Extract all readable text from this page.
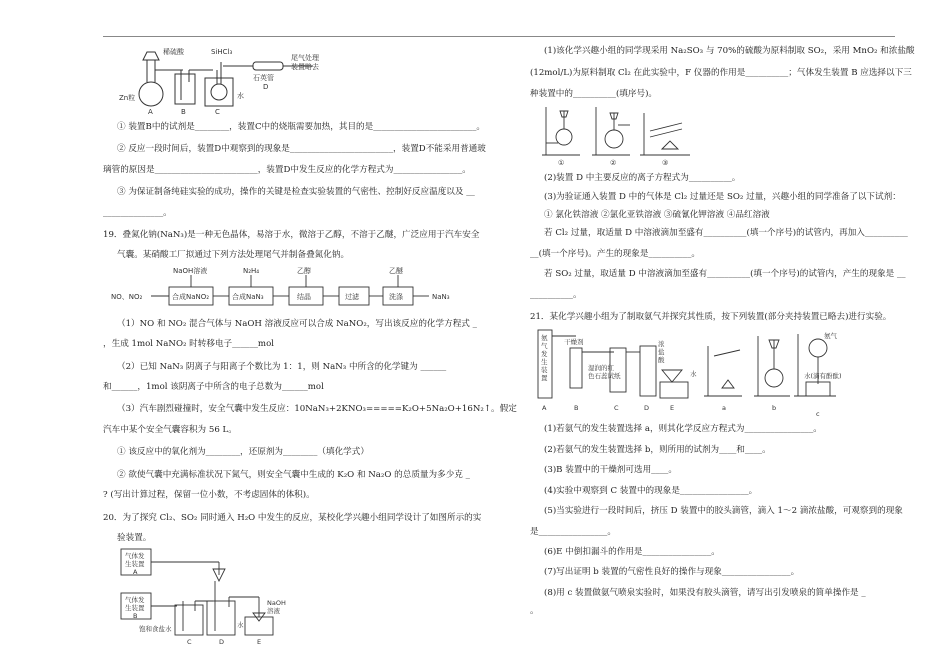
稀硫酸	SiHCl₃
尾气处理
装置略去
石英管
D
Zn粒
A	B	C
水
① 装置B中的试剂是________，装置C中的烧瓶需要加热，其目的是________________________。
② 反应一段时间后，装置D中观察到的现象是________________________，装置D不能采用普通玻
璃管的原因是________________________，装置D中发生反应的化学方程式为________________。
③ 为保证制备纯硅实验的成功，操作的关键是检查实验装置的气密性、控制好反应温度以及 __
______________。
19．叠氮化钠(NaN₃)是一种无色晶体，易溶于水，微溶于乙醇，不溶于乙醚，广泛应用于汽车安全
气囊。某硝酸工厂拟通过下列方法处理尾气并制备叠氮化钠。
NaOH溶液	N₂H₄	乙醇	乙醚
NO、NO₂	合成NaNO₂	合成NaN₃	结晶	过滤	洗涤	NaN₃
（1）NO 和 NO₂ 混合气体与 NaOH 溶液反应可以合成 NaNO₂，写出该反应的化学方程式 _
，生成 1mol NaNO₂ 时转移电子______mol
（2）已知 NaN₃ 阴离子与阳离子个数比为 1：1，则 NaN₃ 中所含的化学键为 ______
和______，1mol 该阴离子中所含的电子总数为______mol
（3）汽车剧烈碰撞时，安全气囊中发生反应：10NaN₃+2KNO₃=====K₂O+5Na₂O+16N₂↑。假定
汽车中某个安全气囊容积为 56 L。
① 该反应中的氧化剂为________，还原剂为________（填化学式）
② 欲使气囊中充满标准状况下氮气，则安全气囊中生成的 K₂O 和 Na₂O 的总质量为多少克 _
? (写出计算过程，保留一位小数，不考虑固体的体积)。
20．为了探究 Cl₂、SO₂ 同时通入 H₂O 中发生的反应，某校化学兴趣小组同学设计了如图所示的实
验装置。
气体发
生装置
A
气体发
生装置
B
饱和食盐水
C	D
水
E
NaOH
溶液
(1)该化学兴趣小组的同学现采用 Na₂SO₃ 与 70%的硫酸为原料制取 SO₂，采用 MnO₂ 和浓盐酸
(12mol/L)为原料制取 Cl₂ 在此实验中，F 仪器的作用是__________；气体发生装置 B 应选择以下三
种装置中的__________(填序号)。
①	②	③
(2)装置 D 中主要反应的离子方程式为__________。
(3)为验证通入装置 D 中的气体是 Cl₂ 过量还是 SO₂ 过量，兴趣小组的同学准备了以下试剂：
① 氯化铁溶液 ②氯化亚铁溶液 ③硫氰化钾溶液 ④品红溶液
若 Cl₂ 过量，取适量 D 中溶液滴加至盛有__________(填一个序号)的试管内，再加入__________
__(填一个序号)。产生的现象是__________。
若 SO₂ 过量，取适量 D 中溶液滴加至盛有__________(填一个序号)的试管内，产生的现象是 __
__________。
21．某化学兴趣小组为了制取氨气并探究其性质，按下列装置(部分夹持装置已略去)进行实验。
氨
气
发
生
装
置
干燥剂
湿润的红
色石蕊试纸
浓
盐
酸
水
A	B	C	D	E	a	b
氨气
c
水(滴有酚酞)
(1)若氨气的发生装置选择 a，则其化学反应方程式为________________。
(2)若氨气的发生装置选择 b，则所用的试剂为____和____。
(3)B 装置中的干燥剂可选用____。
(4)实验中观察到 C 装置中的现象是________________。
(5)当实验进行一段时间后，挤压 D 装置中的胶头滴管，滴入 1～2 滴浓盐酸，可观察到的现象
是________________。
(6)E 中倒扣漏斗的作用是________________。
(7)写出证明 b 装置的气密性良好的操作与现象________________。
(8)用 c 装置做氨气喷泉实验时，如果没有胶头滴管，请写出引发喷泉的简单操作是 _
。
